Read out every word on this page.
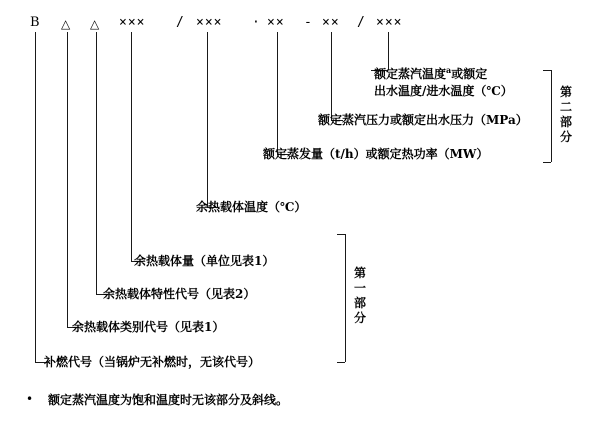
B △ △ ××× / ××× · ×× - ×× / ×××
额定蒸汽温度$^a$或额定
出水温度/进水温度（℃）
额定蒸汽压力或额定出水压力（MPa）
额定蒸发量（t/h）或额定热功率（MW）
余热载体温度（℃）
余热载体量（单位见表1）
余热载体特性代号（见表2）
余热载体类别代号（见表1）
补燃代号（当锅炉无补燃时，无该代号）
第二部分
第一部分
• 额定蒸汽温度为饱和温度时无该部分及斜线。
